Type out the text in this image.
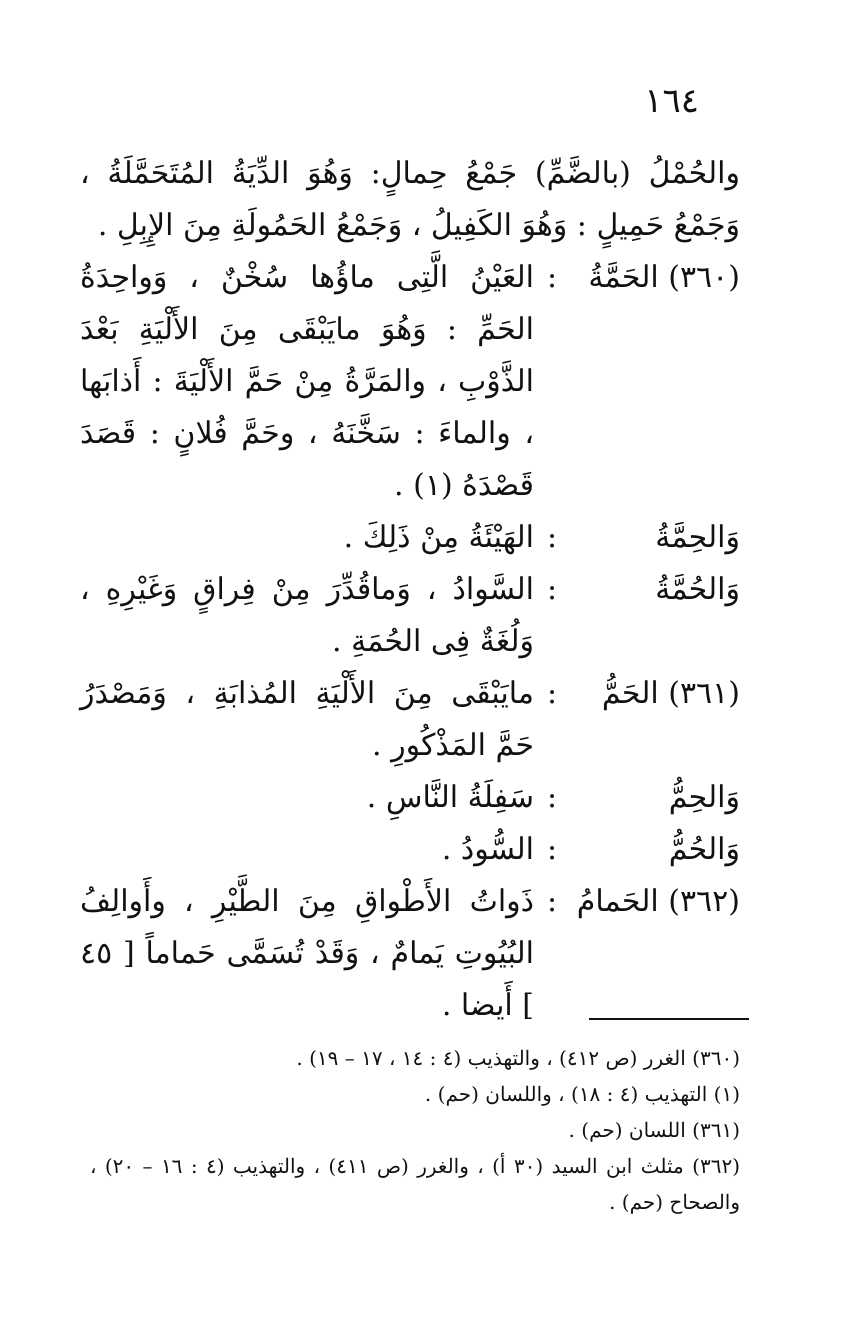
١٦٤
والحُمْلُ (بالضَّمِّ) جَمْعُ حِمالٍ: وَهُوَ الدِّيَةُ المُتَحَمَّلَةُ ، وَجَمْعُ حَمِيلٍ : وَهُوَ الكَفِيلُ ، وَجَمْعُ الحَمُولَةِ مِنَ الإِبِلِ .
(٣٦٠) الحَمَّةُ
:
العَيْنُ الَّتِى ماؤُها سُخْنٌ ، وَواحِدَةُ الحَمِّ : وَهُوَ مايَبْقَى مِنَ الأَلْيَةِ بَعْدَ الذَّوْبِ ، والمَرَّةُ مِنْ حَمَّ الأَلْيَةَ : أَذابَها ، والماءَ : سَخَّنَهُ ، وحَمَّ فُلانٍ : قَصَدَ قَصْدَهُ (١) .
وَالحِمَّةُ
:
الهَيْئَةُ مِنْ ذَلِكَ .
وَالحُمَّةُ
:
السَّوادُ ، وَماقُدِّرَ مِنْ فِراقٍ وَغَيْرِهِ ، وَلُغَةٌ فِى الحُمَةِ .
(٣٦١) الحَمُّ
:
مايَبْقَى مِنَ الأَلْيَةِ المُذابَةِ ، وَمَصْدَرُ حَمَّ المَذْكُورِ .
وَالحِمُّ
:
سَفِلَةُ النَّاسِ .
وَالحُمُّ
:
السُّودُ .
(٣٦٢) الحَمامُ
:
ذَواتُ الأَطْواقِ مِنَ الطَّيْرِ ، وأَوالِفُ البُيُوتِ يَمامٌ ، وَقَدْ تُسَمَّى حَماماً [ ٤٥ ] أَيضا .
(٣٦٠) الغرر (ص ٤١٢) ، والتهذيب (٤ : ١٤ ، ١٧ – ١٩) .
(١) التهذيب (٤ : ١٨) ، واللسان (حم) .
(٣٦١) اللسان (حم) .
(٣٦٢) مثلث ابن السيد (٣٠ أ) ، والغرر (ص ٤١١) ، والتهذيب (٤ : ١٦ – ٢٠) ، والصحاح (حم) .
